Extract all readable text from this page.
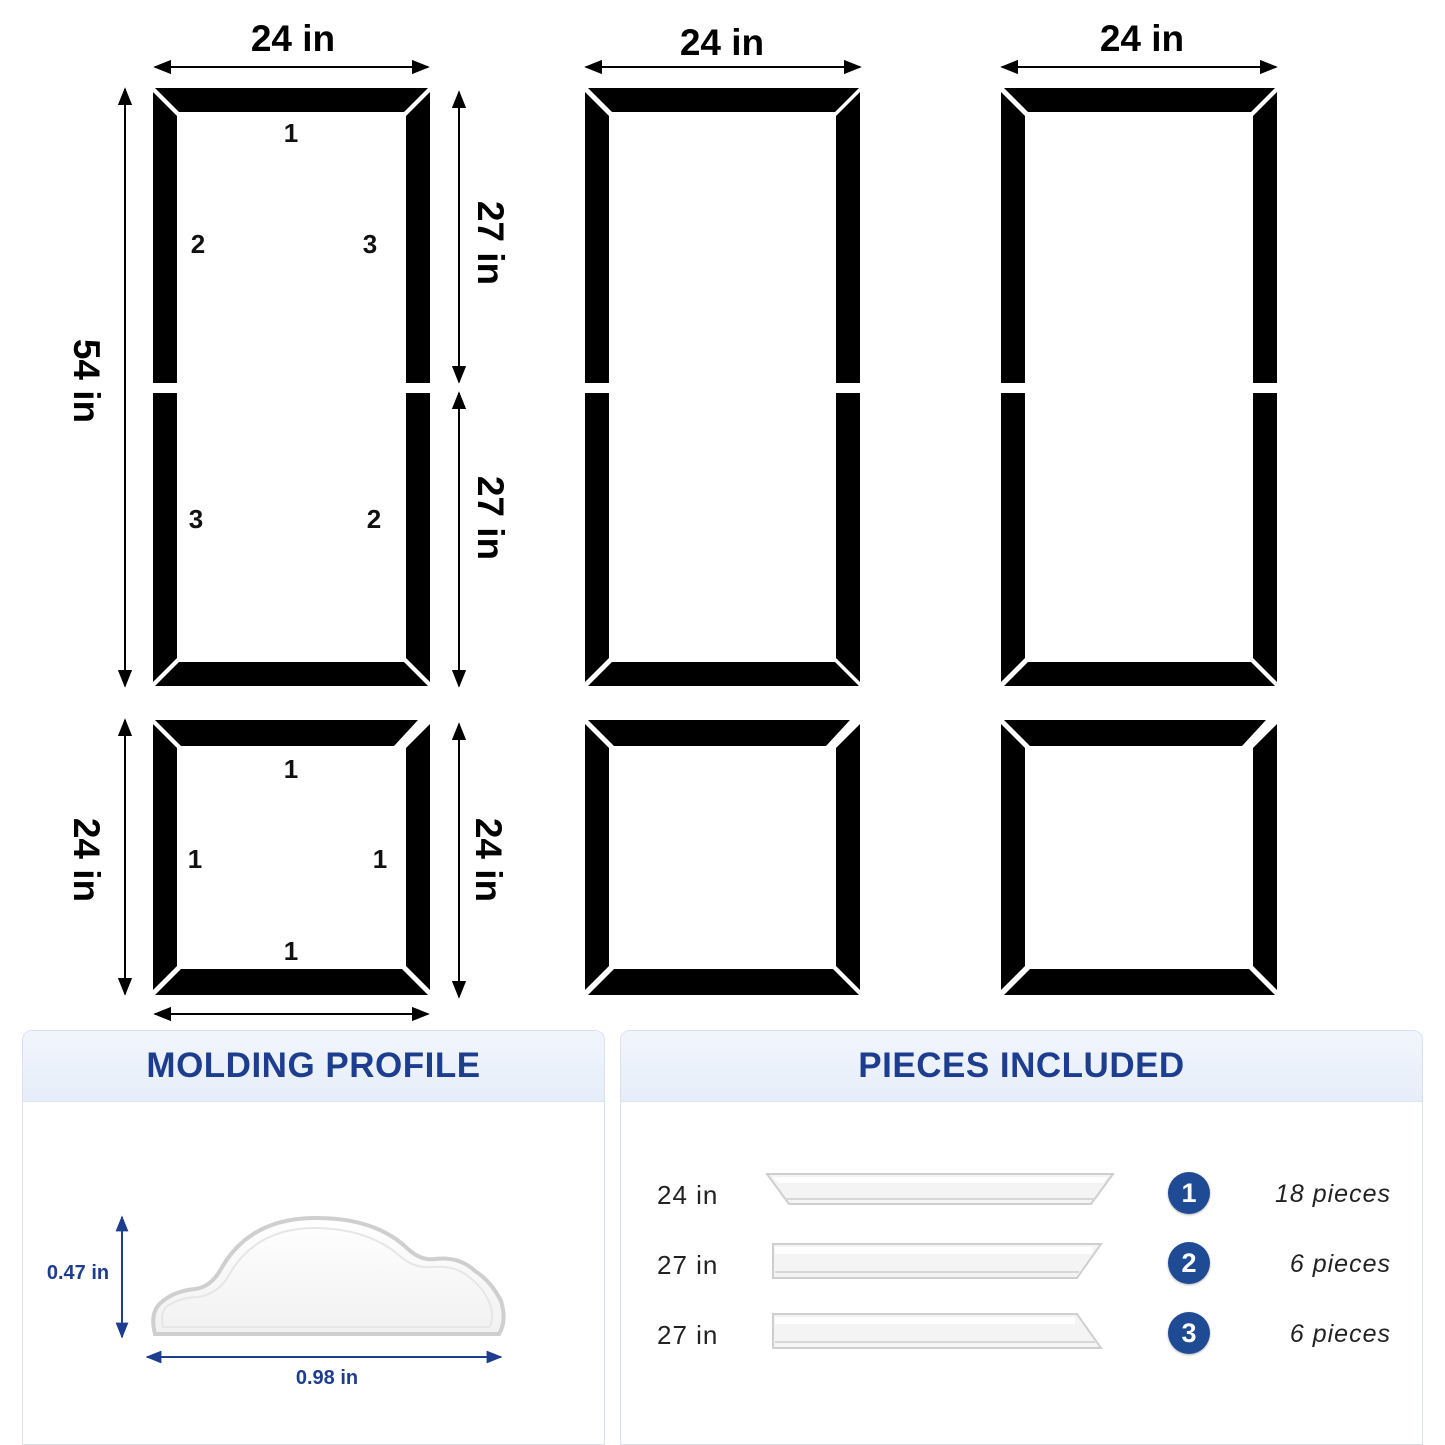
24 in	24 in	24 in
54 in
27 in
27 in
24 in	24 in
1
2	3
3	2
1
1	1
1
MOLDING PROFILE
0.47 in
0.98 in
PIECES INCLUDED
24 in	1	18 pieces
27 in	2	6 pieces
27 in	3	6 pieces
